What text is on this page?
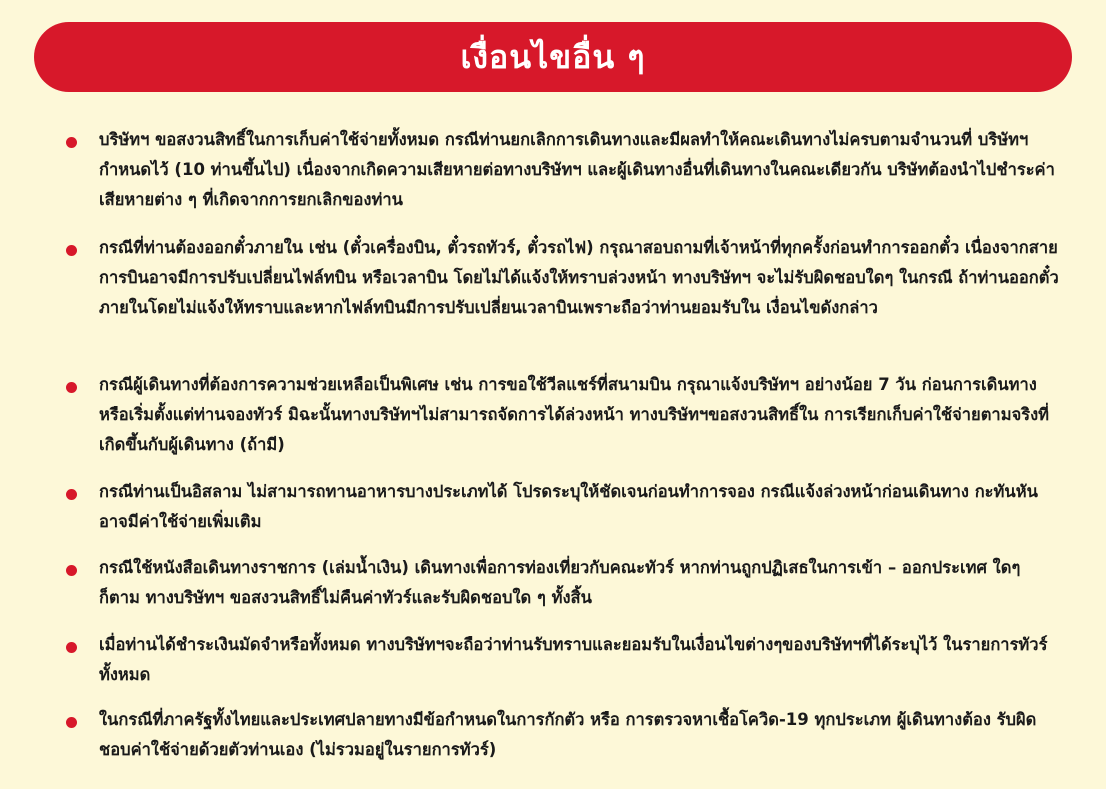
เงื่อนไขอื่น ๆ
บริษัทฯ ขอสงวนสิทธิ์ในการเก็บค่าใช้จ่ายทั้งหมด กรณีท่านยกเลิกการเดินทางและมีผลทำให้คณะเดินทางไม่ครบตามจำนวนที่ บริษัทฯ กำหนดไว้ (10 ท่านขึ้นไป) เนื่องจากเกิดความเสียหายต่อทางบริษัทฯ และผู้เดินทางอื่นที่เดินทางในคณะเดียวกัน บริษัทต้องนำไปชำระค่าเสียหายต่าง ๆ ที่เกิดจากการยกเลิกของท่าน
กรณีที่ท่านต้องออกตั๋วภายใน เช่น (ตั๋วเครื่องบิน, ตั๋วรถทัวร์, ตั๋วรถไฟ) กรุณาสอบถามที่เจ้าหน้าที่ทุกครั้งก่อนทำการออกตั๋ว เนื่องจากสายการบินอาจมีการปรับเปลี่ยนไฟล์ทบิน หรือเวลาบิน โดยไม่ได้แจ้งให้ทราบล่วงหน้า ทางบริษัทฯ จะไม่รับผิดชอบใดๆ ในกรณี ถ้าท่านออกตั๋วภายในโดยไม่แจ้งให้ทราบและหากไฟล์ทบินมีการปรับเปลี่ยนเวลาบินเพราะถือว่าท่านยอมรับใน เงื่อนไขดังกล่าว
กรณีผู้เดินทางที่ต้องการความช่วยเหลือเป็นพิเศษ เช่น การขอใช้วีลแชร์ที่สนามบิน กรุณาแจ้งบริษัทฯ อย่างน้อย 7 วัน ก่อนการเดินทาง หรือเริ่มตั้งแต่ท่านจองทัวร์ มิฉะนั้นทางบริษัทฯไม่สามารถจัดการได้ล่วงหน้า ทางบริษัทฯขอสงวนสิทธิ์ใน การเรียกเก็บค่าใช้จ่ายตามจริงที่เกิดขึ้นกับผู้เดินทาง (ถ้ามี)
กรณีท่านเป็นอิสลาม ไม่สามารถทานอาหารบางประเภทได้ โปรดระบุให้ชัดเจนก่อนทำการจอง กรณีแจ้งล่วงหน้าก่อนเดินทาง กะทันหัน อาจมีค่าใช้จ่ายเพิ่มเติม
กรณีใช้หนังสือเดินทางราชการ (เล่มน้ำเงิน) เดินทางเพื่อการท่องเที่ยวกับคณะทัวร์ หากท่านถูกปฏิเสธในการเข้า – ออกประเทศ ใดๆ ก็ตาม ทางบริษัทฯ ขอสงวนสิทธิ์ไม่คืนค่าทัวร์และรับผิดชอบใด ๆ ทั้งสิ้น
เมื่อท่านได้ชำระเงินมัดจำหรือทั้งหมด ทางบริษัทฯจะถือว่าท่านรับทราบและยอมรับในเงื่อนไขต่างๆของบริษัทฯที่ได้ระบุไว้ ในรายการทัวร์ทั้งหมด
ในกรณีที่ภาครัฐทั้งไทยและประเทศปลายทางมีข้อกำหนดในการกักตัว หรือ การตรวจหาเชื้อโควิด-19 ทุกประเภท ผู้เดินทางต้อง รับผิดชอบค่าใช้จ่ายด้วยตัวท่านเอง (ไม่รวมอยู่ในรายการทัวร์)
